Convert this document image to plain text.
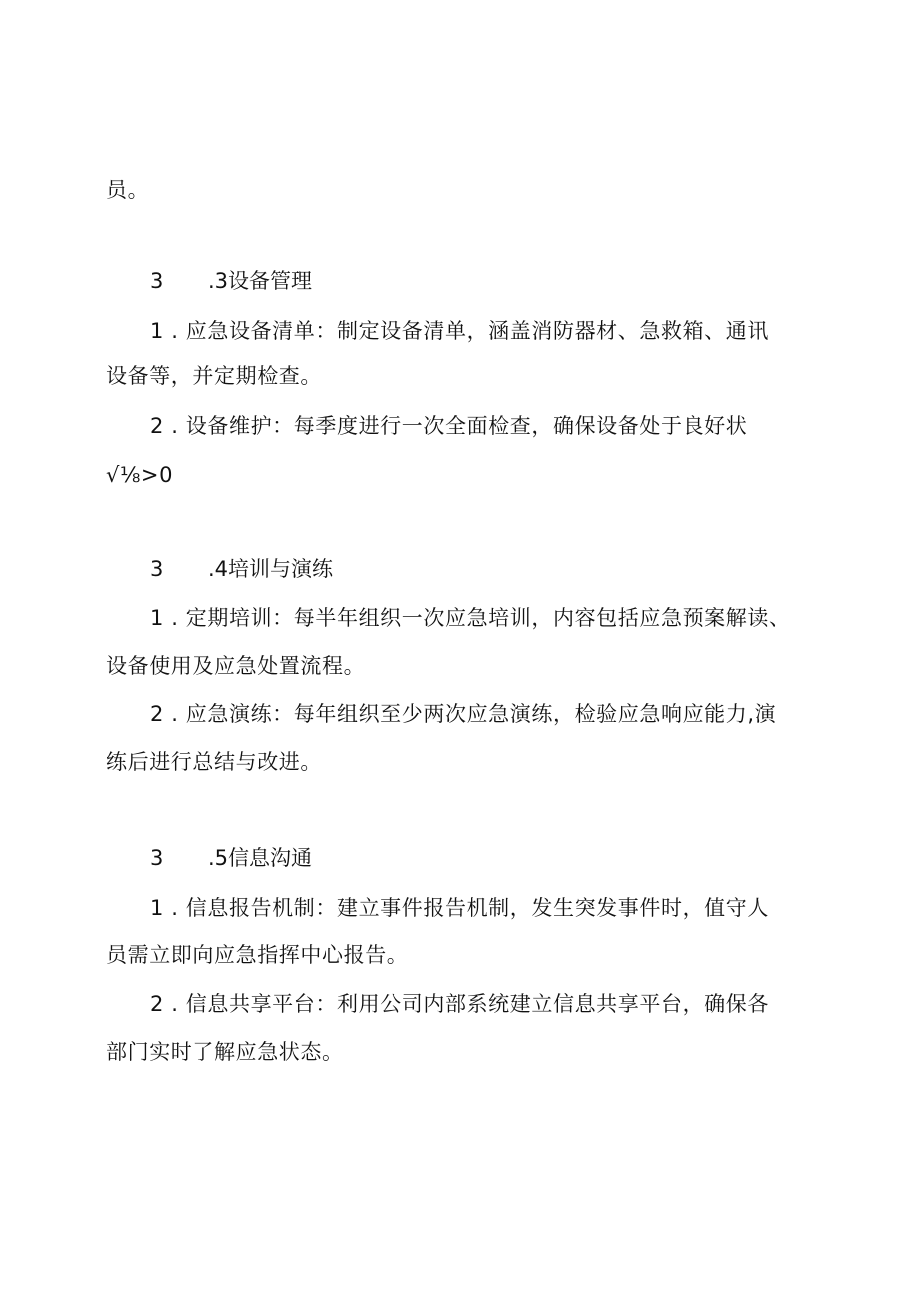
员。
3 .3设备管理
1 . 应急设备清单：制定设备清单，涵盖消防器材、急救箱、通讯
设备等，并定期检查。
2 . 设备维护：每季度进行一次全面检查，确保设备处于良好状
√⅛>0
3 .4培训与演练
1 . 定期培训：每半年组织一次应急培训，内容包括应急预案解读、
设备使用及应急处置流程。
2 . 应急演练：每年组织至少两次应急演练，检验应急响应能力,演
练后进行总结与改进。
3 .5信息沟通
1 . 信息报告机制：建立事件报告机制，发生突发事件时，值守人
员需立即向应急指挥中心报告。
2 . 信息共享平台：利用公司内部系统建立信息共享平台，确保各
部门实时了解应急状态。
